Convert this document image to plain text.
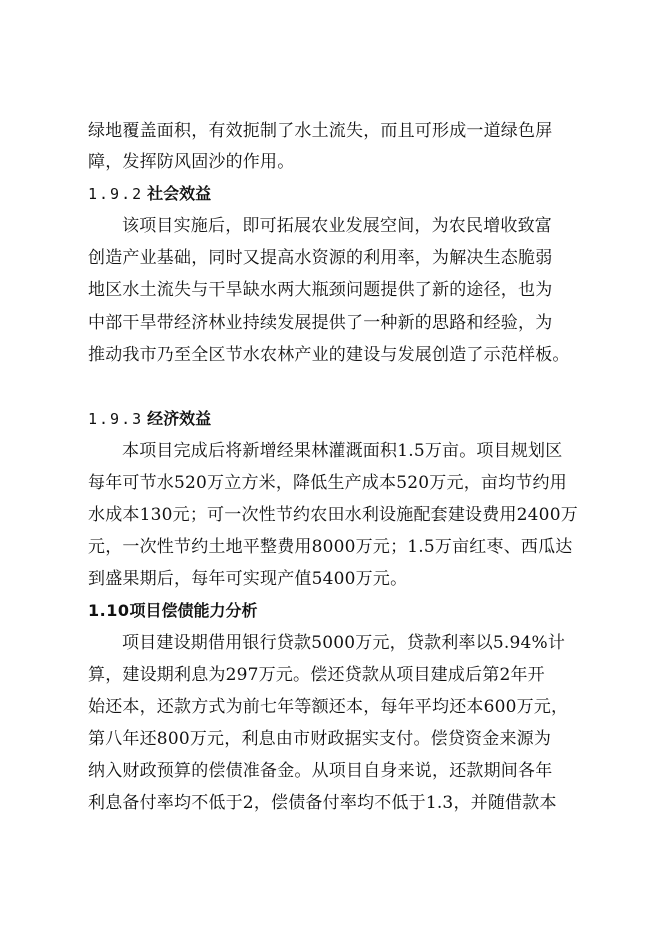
绿地覆盖面积，有效扼制了水土流失，而且可形成一道绿色屏
障，发挥防风固沙的作用。
1.9.2 社会效益
该项目实施后，即可拓展农业发展空间，为农民增收致富
创造产业基础，同时又提高水资源的利用率，为解决生态脆弱
地区水土流失与干旱缺水两大瓶颈问题提供了新的途径，也为
中部干旱带经济林业持续发展提供了一种新的思路和经验，为
推动我市乃至全区节水农林产业的建设与发展创造了示范样板。
1.9.3 经济效益
本项目完成后将新增经果林灌溉面积1.5万亩。项目规划区
每年可节水520万立方米，降低生产成本520万元，亩均节约用
水成本130元；可一次性节约农田水利设施配套建设费用2400万
元，一次性节约土地平整费用8000万元；1.5万亩红枣、西瓜达
到盛果期后，每年可实现产值5400万元。
1.10项目偿债能力分析
项目建设期借用银行贷款5000万元，贷款利率以5.94%计
算，建设期利息为297万元。偿还贷款从项目建成后第2年开
始还本，还款方式为前七年等额还本，每年平均还本600万元，
第八年还800万元，利息由市财政据实支付。偿贷资金来源为
纳入财政预算的偿债准备金。从项目自身来说，还款期间各年
利息备付率均不低于2，偿债备付率均不低于1.3，并随借款本
